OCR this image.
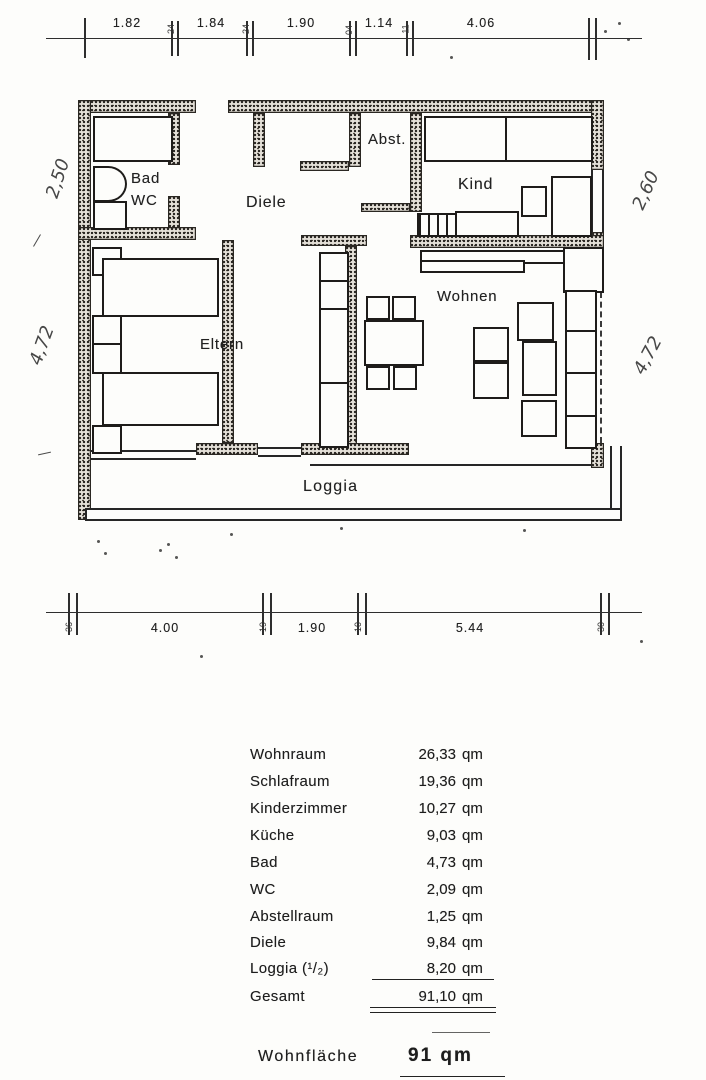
1.82	1.84	1.90	1.14	4.06
24	24	04	11
Bad
WC	Diele
Abst.
Kind
Eltern
Wohnen
Loggia
2,50
4,72
2,60
4,72
4.00	1.90	5.44
36	19	10	30
Wohnraum	26,33 qm
Schlafraum	19,36 qm
Kinderzimmer	10,27 qm
Küche	9,03 qm
Bad	4,73 qm
WC	2,09 qm
Abstellraum	1,25 qm
Diele	9,84 qm
Loggia (¹/₂)	8,20 qm
Gesamt	91,10 qm
Wohnfläche	91 qm
